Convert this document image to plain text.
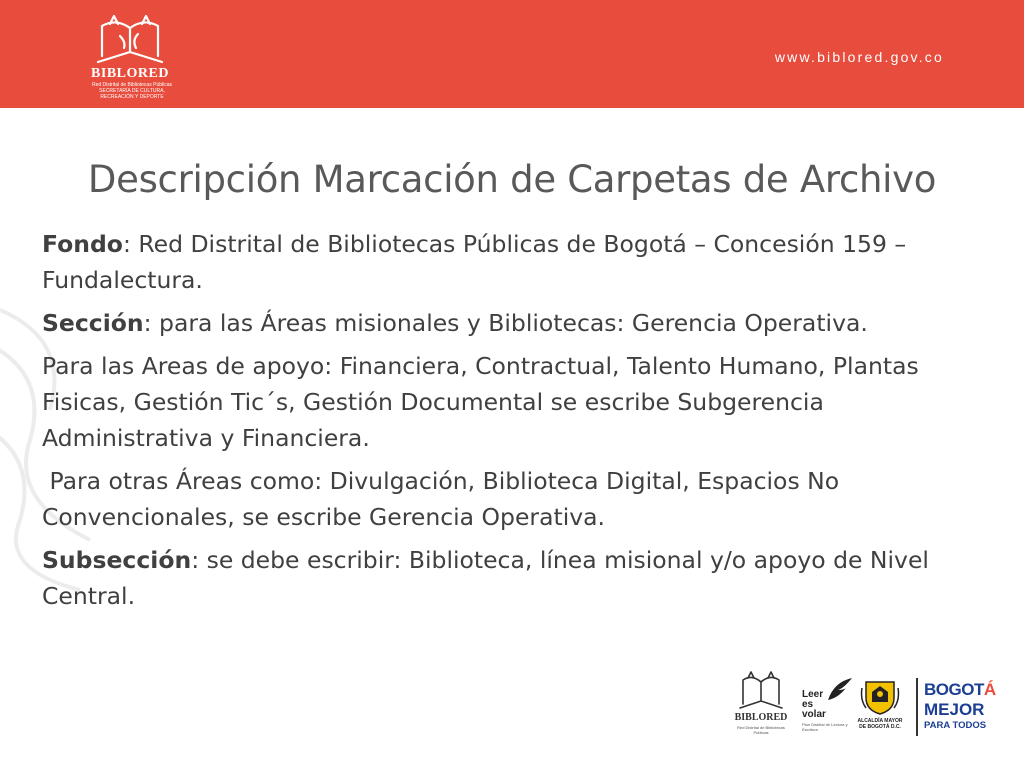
BIBLORED
Red Distrital de Bibliotecas Públicas
SECRETARÍA DE CULTURA, RECREACIÓN Y DEPORTE
www.biblored.gov.co
Descripción Marcación de Carpetas de Archivo

Fondo: Red Distrital de Bibliotecas Públicas de Bogotá – Concesión 159 – Fundalectura.

Sección: para las Áreas misionales y Bibliotecas: Gerencia Operativa.

Para las Areas de apoyo: Financiera, Contractual, Talento Humano, Plantas Fisicas, Gestión Tic´s, Gestión Documental se escribe Subgerencia Administrativa y Financiera.

Para otras Áreas como: Divulgación, Biblioteca Digital, Espacios No Convencionales, se escribe Gerencia Operativa.

Subsección: se debe escribir: Biblioteca, línea misional y/o apoyo de Nivel Central.

BIBLORED
Red Distrital de Bibliotecas Públicas
Leer
es
volar
Plan Distrital de Lectura y Escritura
ALCALDÍA MAYOR
DE BOGOTÁ D.C.
BOGOTÁ
MEJOR
PARA TODOS
